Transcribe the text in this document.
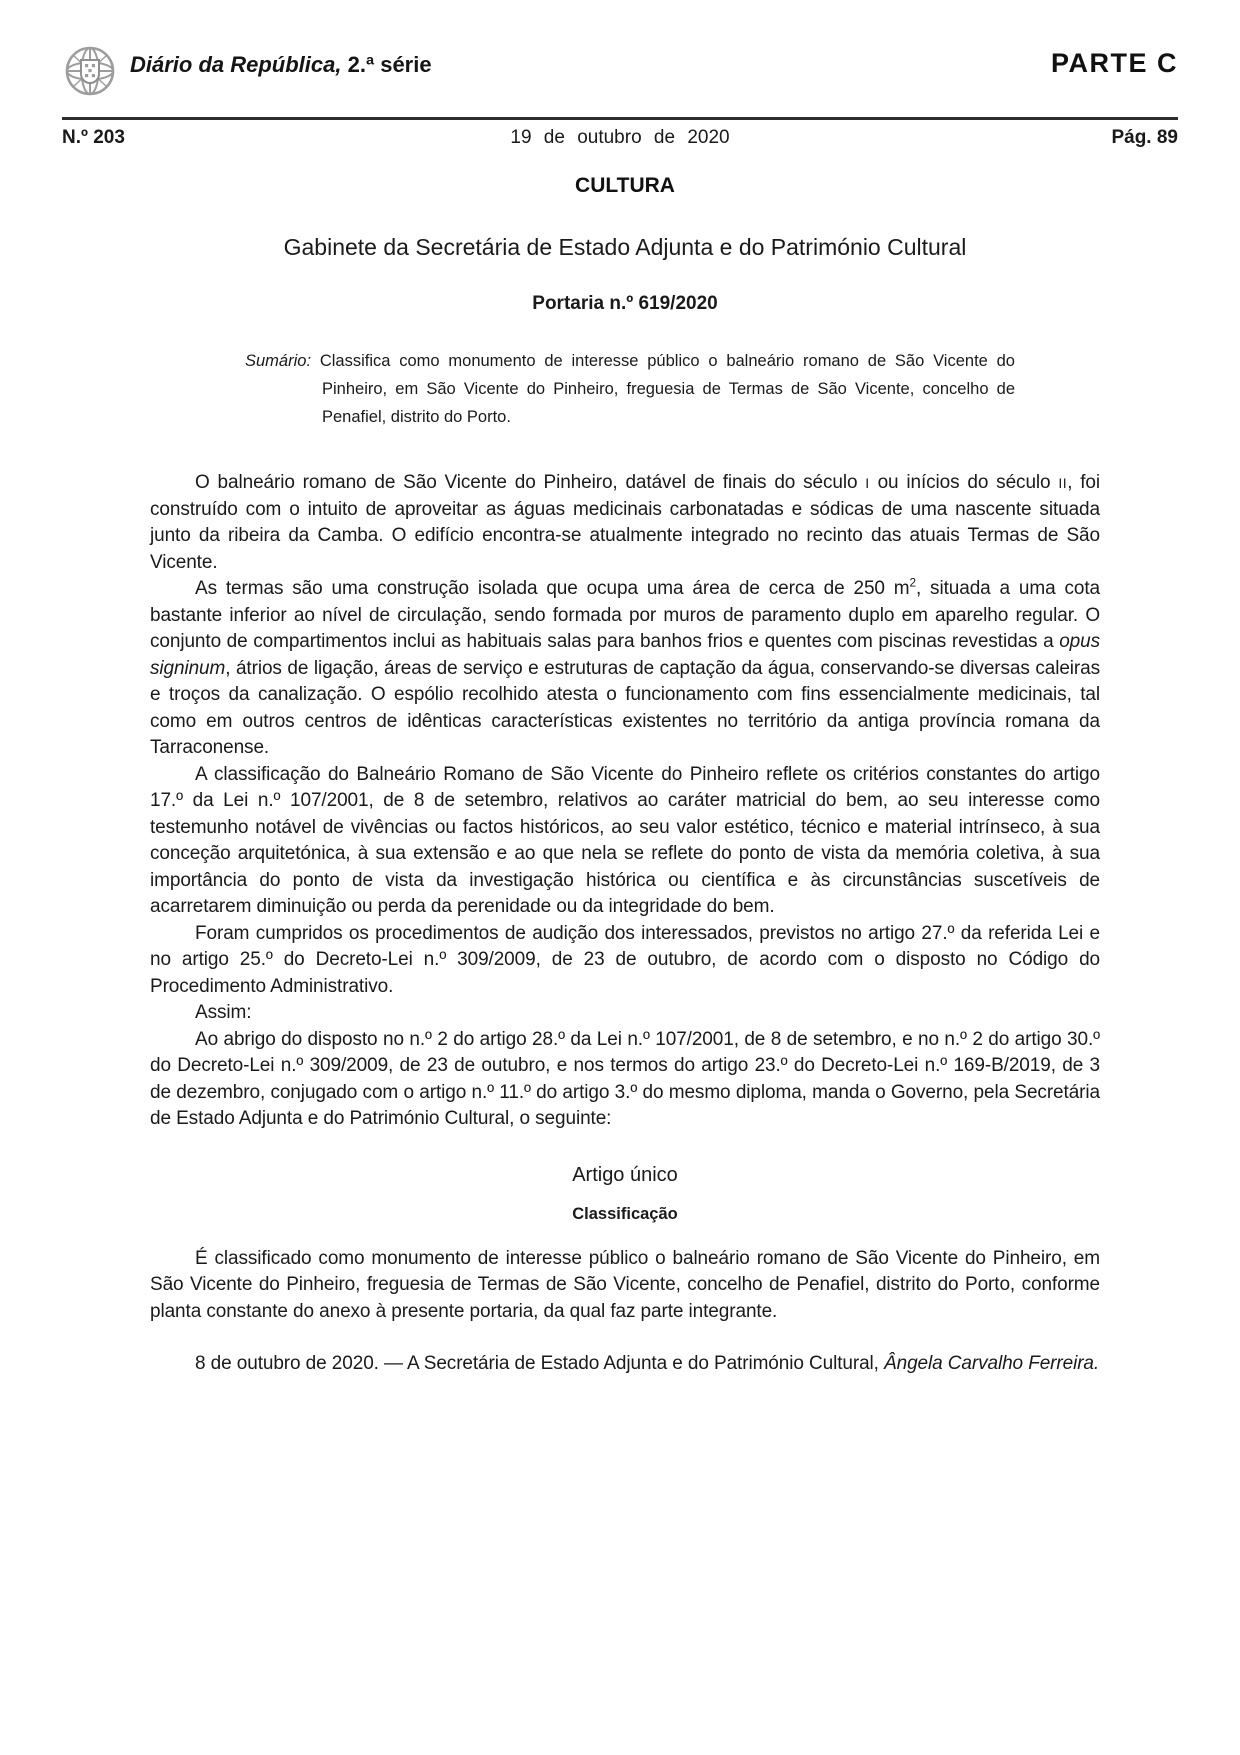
Diário da República, 2.ª série	PARTE C
N.º 203	19 de outubro de 2020	Pág. 89
CULTURA
Gabinete da Secretária de Estado Adjunta e do Património Cultural
Portaria n.º 619/2020

Sumário: Classifica como monumento de interesse público o balneário romano de São Vicente do Pinheiro, em São Vicente do Pinheiro, freguesia de Termas de São Vicente, concelho de Penafiel, distrito do Porto.

O balneário romano de São Vicente do Pinheiro, datável de finais do século I ou inícios do século II, foi construído com o intuito de aproveitar as águas medicinais carbonatadas e sódicas de uma nascente situada junto da ribeira da Camba. O edifício encontra-se atualmente integrado no recinto das atuais Termas de São Vicente.

As termas são uma construção isolada que ocupa uma área de cerca de 250 $m^2$, situada a uma cota bastante inferior ao nível de circulação, sendo formada por muros de paramento duplo em aparelho regular. O conjunto de compartimentos inclui as habituais salas para banhos frios e quentes com piscinas revestidas a opus signinum, átrios de ligação, áreas de serviço e estruturas de captação da água, conservando-se diversas caleiras e troços da canalização. O espólio recolhido atesta o funcionamento com fins essencialmente medicinais, tal como em outros centros de idênticas características existentes no território da antiga província romana da Tarraconense.

A classificação do Balneário Romano de São Vicente do Pinheiro reflete os critérios constantes do artigo 17.º da Lei n.º 107/2001, de 8 de setembro, relativos ao caráter matricial do bem, ao seu interesse como testemunho notável de vivências ou factos históricos, ao seu valor estético, técnico e material intrínseco, à sua conceção arquitetónica, à sua extensão e ao que nela se reflete do ponto de vista da memória coletiva, à sua importância do ponto de vista da investigação histórica ou científica e às circunstâncias suscetíveis de acarretarem diminuição ou perda da perenidade ou da integridade do bem.

Foram cumpridos os procedimentos de audição dos interessados, previstos no artigo 27.º da referida Lei e no artigo 25.º do Decreto-Lei n.º 309/2009, de 23 de outubro, de acordo com o disposto no Código do Procedimento Administrativo.

Assim:

Ao abrigo do disposto no n.º 2 do artigo 28.º da Lei n.º 107/2001, de 8 de setembro, e no n.º 2 do artigo 30.º do Decreto-Lei n.º 309/2009, de 23 de outubro, e nos termos do artigo 23.º do Decreto-Lei n.º 169-B/2019, de 3 de dezembro, conjugado com o artigo n.º 11.º do artigo 3.º do mesmo diploma, manda o Governo, pela Secretária de Estado Adjunta e do Património Cultural, o seguinte:

Artigo único
Classificação

É classificado como monumento de interesse público o balneário romano de São Vicente do Pinheiro, em São Vicente do Pinheiro, freguesia de Termas de São Vicente, concelho de Penafiel, distrito do Porto, conforme planta constante do anexo à presente portaria, da qual faz parte integrante.

8 de outubro de 2020. — A Secretária de Estado Adjunta e do Património Cultural, Ângela Carvalho Ferreira.
